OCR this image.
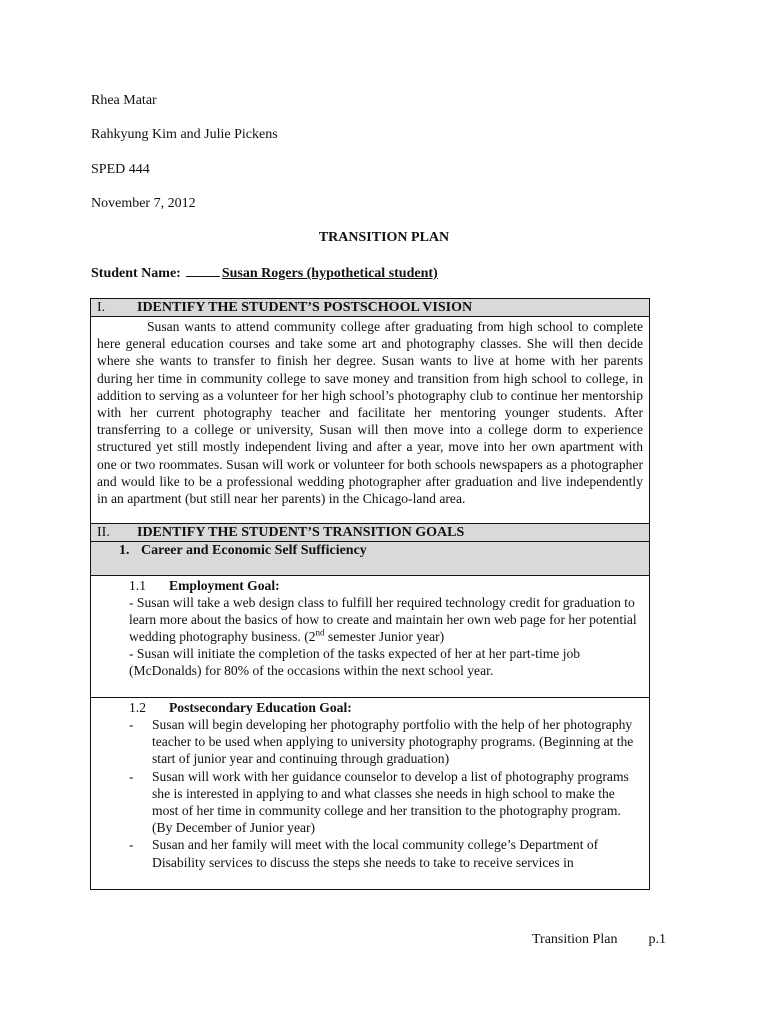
Rhea Matar
Rahkyung Kim and Julie Pickens
SPED 444
November 7, 2012
TRANSITION PLAN
Student Name:	Susan Rogers (hypothetical student)
I. IDENTIFY THE STUDENT’S POSTSCHOOL VISION
Susan wants to attend community college after graduating from high school to complete here general education courses and take some art and photography classes. She will then decide where she wants to transfer to finish her degree. Susan wants to live at home with her parents during her time in community college to save money and transition from high school to college, in addition to serving as a volunteer for her high school’s photography club to continue her mentorship with her current photography teacher and facilitate her mentoring younger students. After transferring to a college or university, Susan will then move into a college dorm to experience structured yet still mostly independent living and after a year, move into her own apartment with one or two roommates. Susan will work or volunteer for both schools newspapers as a photographer and would like to be a professional wedding photographer after graduation and live independently in an apartment (but still near her parents) in the Chicago-land area.
II. IDENTIFY THE STUDENT’S TRANSITION GOALS
1. Career and Economic Self Sufficiency
1.1 Employment Goal:

- Susan will take a web design class to fulfill her required technology credit for graduation to learn more about the basics of how to create and maintain her own web page for her potential wedding photography business. (2nd semester Junior year)

- Susan will initiate the completion of the tasks expected of her at her part-time job (McDonalds) for 80% of the occasions within the next school year.

1.2 Postsecondary Education Goal:
- Susan will begin developing her photography portfolio with the help of her photography teacher to be used when applying to university photography programs. (Beginning at the start of junior year and continuing through graduation)
- Susan will work with her guidance counselor to develop a list of photography programs she is interested in applying to and what classes she needs in high school to make the most of her time in community college and her transition to the photography program. (By December of Junior year)
- Susan and her family will meet with the local community college’s Department of Disability services to discuss the steps she needs to take to receive services in
Transition Plan p.1
